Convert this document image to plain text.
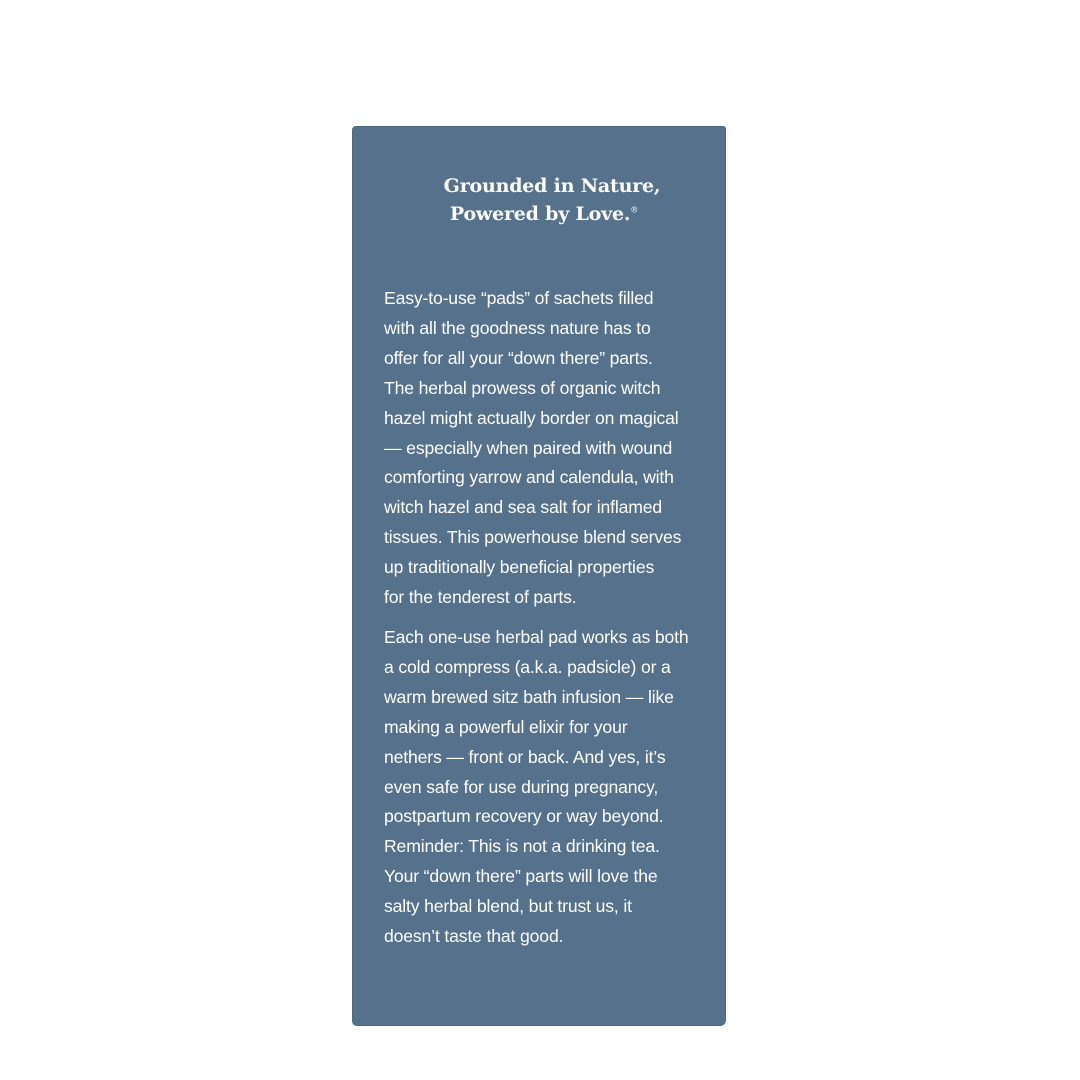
Grounded in Nature,
Powered by Love.®

Easy-to-use “pads” of sachets filled
with all the goodness nature has to
offer for all your “down there” parts.
The herbal prowess of organic witch
hazel might actually border on magical
— especially when paired with wound
comforting yarrow and calendula, with
witch hazel and sea salt for inflamed
tissues. This powerhouse blend serves
up traditionally beneficial properties
for the tenderest of parts.

Each one-use herbal pad works as both
a cold compress (a.k.a. padsicle) or a
warm brewed sitz bath infusion — like
making a powerful elixir for your
nethers — front or back. And yes, it’s
even safe for use during pregnancy,
postpartum recovery or way beyond.
Reminder: This is not a drinking tea.
Your “down there” parts will love the
salty herbal blend, but trust us, it
doesn’t taste that good.
